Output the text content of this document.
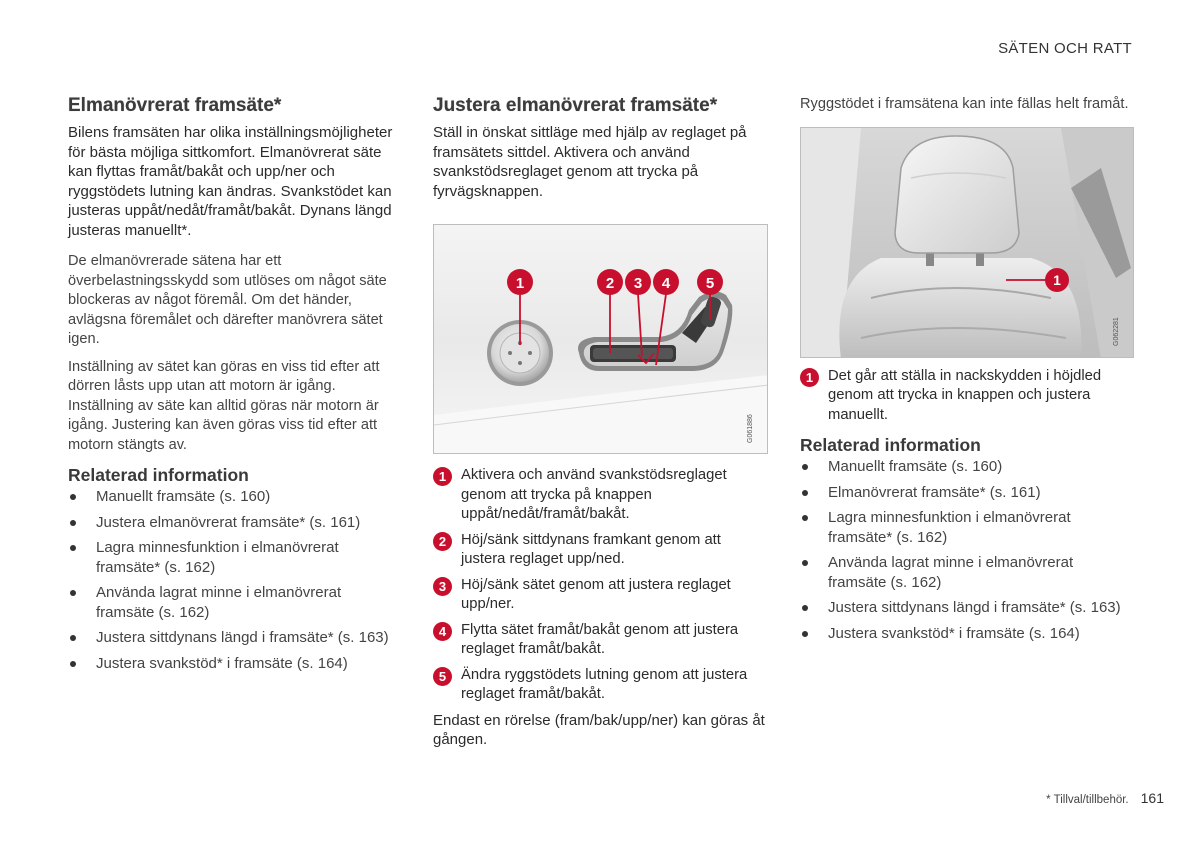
SÄTEN OCH RATT
Elmanövrerat framsäte*

Bilens framsäten har olika inställningsmöjligheter för bästa möjliga sittkomfort. Elmanövrerat säte kan flyttas framåt/bakåt och upp/ner och ryggstödets lutning kan ändras. Svankstödet kan justeras uppåt/nedåt/framåt/bakåt. Dynans längd justeras manuellt*.

De elmanövrerade sätena har ett överbelastningsskydd som utlöses om något säte blockeras av något föremål. Om det händer, avlägsna föremålet och därefter manövrera sätet igen.

Inställning av sätet kan göras en viss tid efter att dörren låsts upp utan att motorn är igång. Inställning av säte kan alltid göras när motorn är igång. Justering kan även göras viss tid efter att motorn stängts av.

Relaterad information
Manuellt framsäte (s. 160)
Justera elmanövrerat framsäte* (s. 161)
Lagra minnesfunktion i elmanövrerat framsäte* (s. 162)
Använda lagrat minne i elmanövrerat framsäte (s. 162)
Justera sittdynans längd i framsäte* (s. 163)
Justera svankstöd* i framsäte (s. 164)
Justera elmanövrerat framsäte*

Ställ in önskat sittläge med hjälp av reglaget på framsätets sittdel. Aktivera och använd svankstödsreglaget genom att trycka på fyrvägsknappen.

1	2 3 4 5
G061886
1	Aktivera och använd svankstödsreglaget genom att trycka på knappen uppåt/nedåt/framåt/bakåt.
2	Höj/sänk sittdynans framkant genom att justera reglaget upp/ned.
3	Höj/sänk sätet genom att justera reglaget upp/ner.
4	Flytta sätet framåt/bakåt genom att justera reglaget framåt/bakåt.
5	Ändra ryggstödets lutning genom att justera reglaget framåt/bakåt.

Endast en rörelse (fram/bak/upp/ner) kan göras åt gången.

Ryggstödet i framsätena kan inte fällas helt framåt.

1
G062281
1	Det går att ställa in nackskydden i höjdled genom att trycka in knappen och justera manuellt.
Relaterad information
Manuellt framsäte (s. 160)
Elmanövrerat framsäte* (s. 161)
Lagra minnesfunktion i elmanövrerat framsäte* (s. 162)
Använda lagrat minne i elmanövrerat framsäte (s. 162)
Justera sittdynans längd i framsäte* (s. 163)
Justera svankstöd* i framsäte (s. 164)
* Tillval/tillbehör. 161
